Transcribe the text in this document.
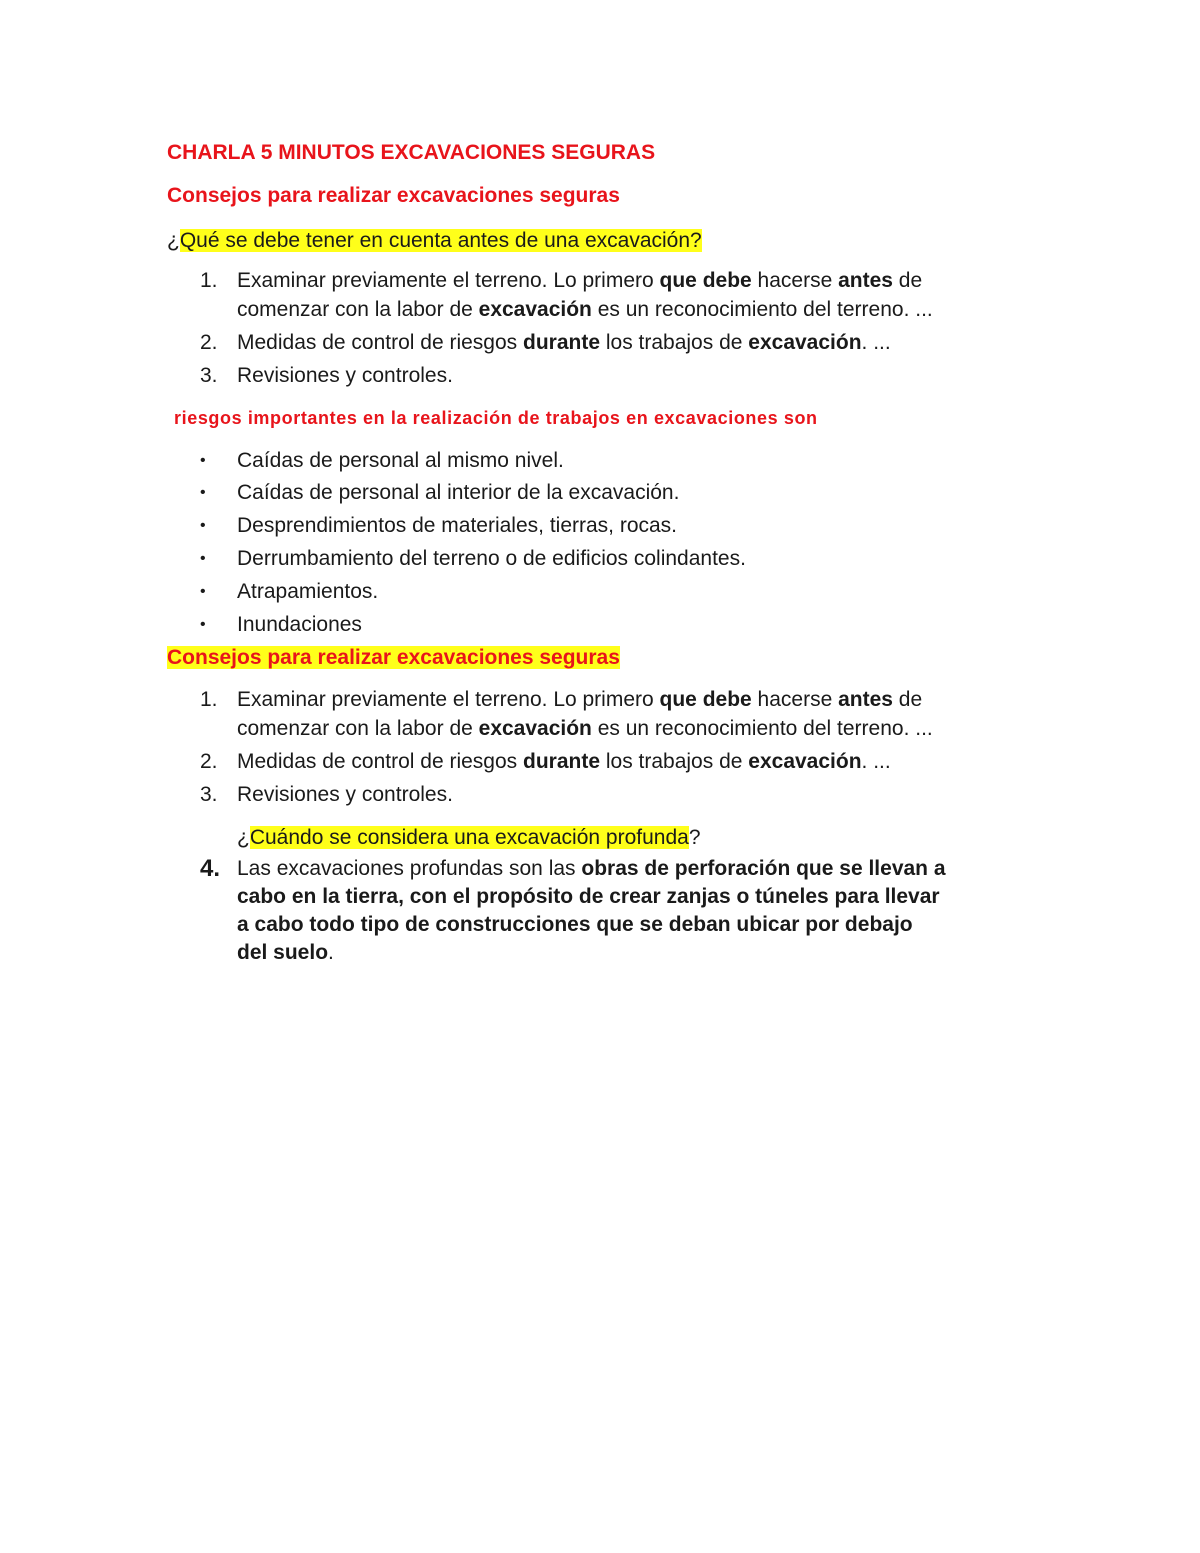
CHARLA 5 MINUTOS EXCAVACIONES SEGURAS
Consejos para realizar excavaciones seguras
¿Qué se debe tener en cuenta antes de una excavación?
1. Examinar previamente el terreno. Lo primero que debe hacerse antes de
comenzar con la labor de excavación es un reconocimiento del terreno. ...
2. Medidas de control de riesgos durante los trabajos de excavación. ...
3. Revisiones y controles.
riesgos importantes en la realización de trabajos en excavaciones son
•	Caídas de personal al mismo nivel.
•	Caídas de personal al interior de la excavación.
•	Desprendimientos de materiales, tierras, rocas.
•	Derrumbamiento del terreno o de edificios colindantes.
•	Atrapamientos.
•	Inundaciones
Consejos para realizar excavaciones seguras
1. Examinar previamente el terreno. Lo primero que debe hacerse antes de
comenzar con la labor de excavación es un reconocimiento del terreno. ...
2. Medidas de control de riesgos durante los trabajos de excavación. ...
3. Revisiones y controles.
¿Cuándo se considera una excavación profunda?
4. Las excavaciones profundas son las obras de perforación que se llevan a
cabo en la tierra, con el propósito de crear zanjas o túneles para llevar
a cabo todo tipo de construcciones que se deban ubicar por debajo
del suelo.
